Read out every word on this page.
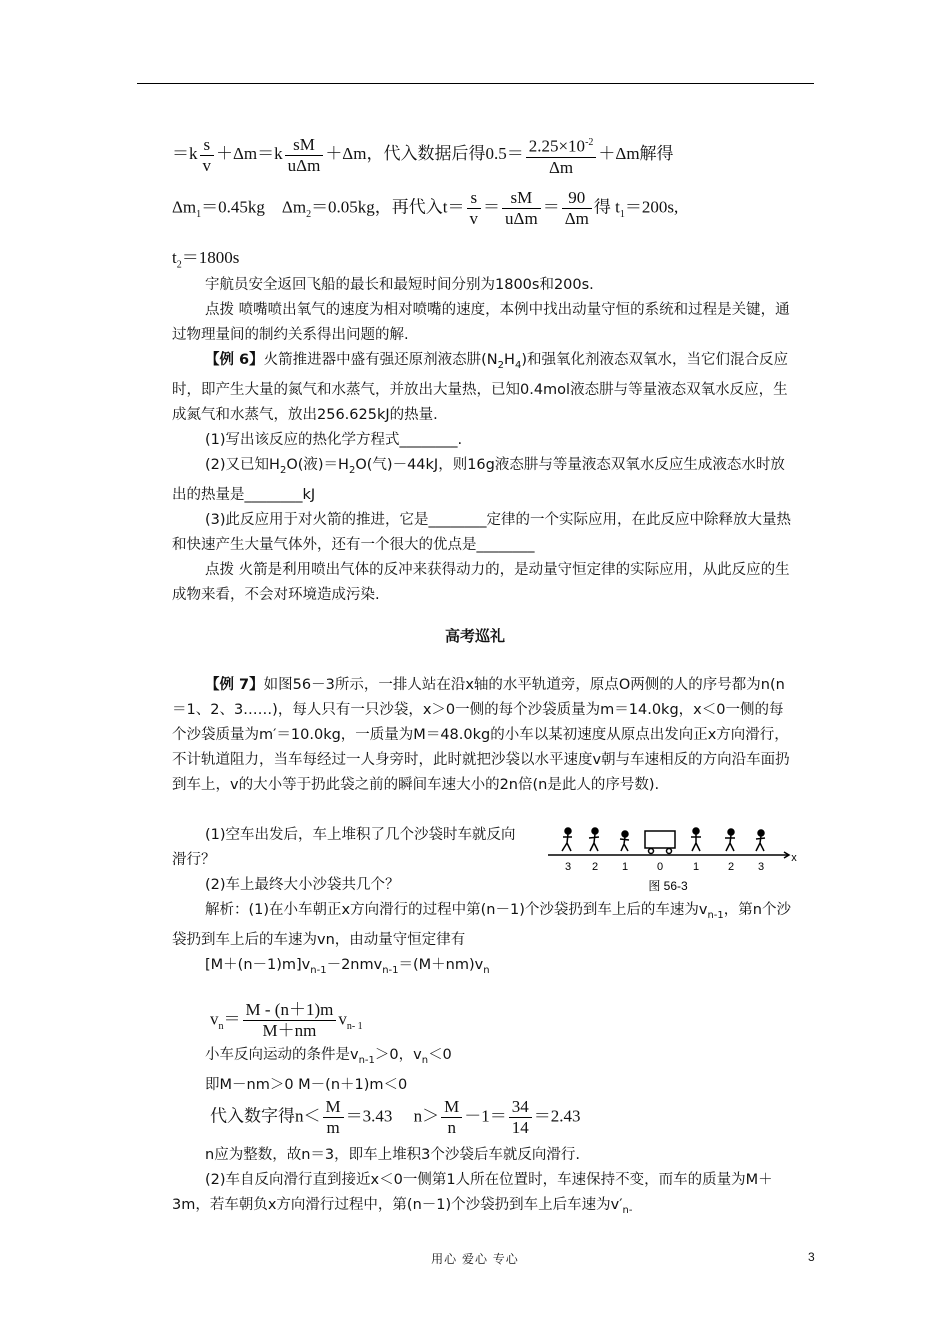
$=k \frac{s}{v} +\Delta m=k \frac{sM}{\text{uΔm}} +\Delta m$，代入数据后得$0.5= \frac{2.25\times 10^{-2}}{\Delta m} +\Delta m$解得
$\Delta m_1=0.45kg$　$\Delta m_2=0.05kg$，再代入$t= \frac{s}{v} = \frac{sM}{\text{uΔm}} = \frac{90}{\Delta m}$ 得 $t_1=200s$,
$t_2=1800s$

宇航员安全返回飞船的最长和最短时间分别为1800s和200s.

点拨 喷嘴喷出氧气的速度为相对喷嘴的速度，本例中找出动量守恒的系统和过程是关键，通过物理量间的制约关系得出问题的解.

【例 6】火箭推进器中盛有强还原剂液态肼$(N_2H_4)$和强氧化剂液态双氧水，当它们混合反应时，即产生大量的氮气和水蒸气，并放出大量热，已知0.4mol液态肼与等量液态双氧水反应，生成氮气和水蒸气，放出256.625kJ的热量.

(1)写出该反应的热化学方程式________.

(2)又已知$H_2O$(液)$=H_2O$(气)－44kJ，则16g液态肼与等量液态双氧水反应生成液态水时放出的热量是________kJ

(3)此反应用于对火箭的推进，它是________定律的一个实际应用，在此反应中除释放大量热和快速产生大量气体外，还有一个很大的优点是________

点拨 火箭是利用喷出气体的反冲来获得动力的，是动量守恒定律的实际应用，从此反应的生成物来看，不会对环境造成污染.

高考巡礼

【例 7】如图56－3所示，一排人站在沿x轴的水平轨道旁，原点O两侧的人的序号都为n(n＝1、2、3……)，每人只有一只沙袋，x＞0一侧的每个沙袋质量为m＝14.0kg，x＜0一侧的每个沙袋质量为m′＝10.0kg，一质量为M＝48.0kg的小车以某初速度从原点出发向正x方向滑行，不计轨道阻力，当车每经过一人身旁时，此时就把沙袋以水平速度v朝与车速相反的方向沿车面扔到车上，v的大小等于扔此袋之前的瞬间车速大小的2n倍(n是此人的序号数).

(1)空车出发后，车上堆积了几个沙袋时车就反向滑行？

(2)车上最终大小沙袋共几个？

解析：(1)在小车朝正x方向滑行的过程中第(n－1)个沙袋扔到车上后的车速为$v_{n-1}$，第n个沙袋扔到车上后的车速为vn，由动量守恒定律有

$[M+(n-1)m]v_{n-1}-2nmv_{n-1}=(M+nm)v_n$

$v_n= \frac{M - (n+1)m}{M+nm} v_{n- 1}$

小车反向运动的条件是$v_{n-1}>0$，$v_n<0$

即M－nm＞0 M－(n＋1)m＜0

代入数字得$n< \frac{M}{m} =3.43$　 $n> \frac{M}{n} -1= \frac{34}{14} =2.43$

n应为整数，故n＝3，即车上堆积3个沙袋后车就反向滑行.

(2)车自反向滑行直到接近x＜0一侧第1人所在位置时，车速保持不变，而车的质量为M＋3m，若车朝负x方向滑行过程中，第(n－1)个沙袋扔到车上后车速为$v'_{n-}$

x
图 56-3
3 2 1	0	1	2 3
用心 爱心 专心	3
